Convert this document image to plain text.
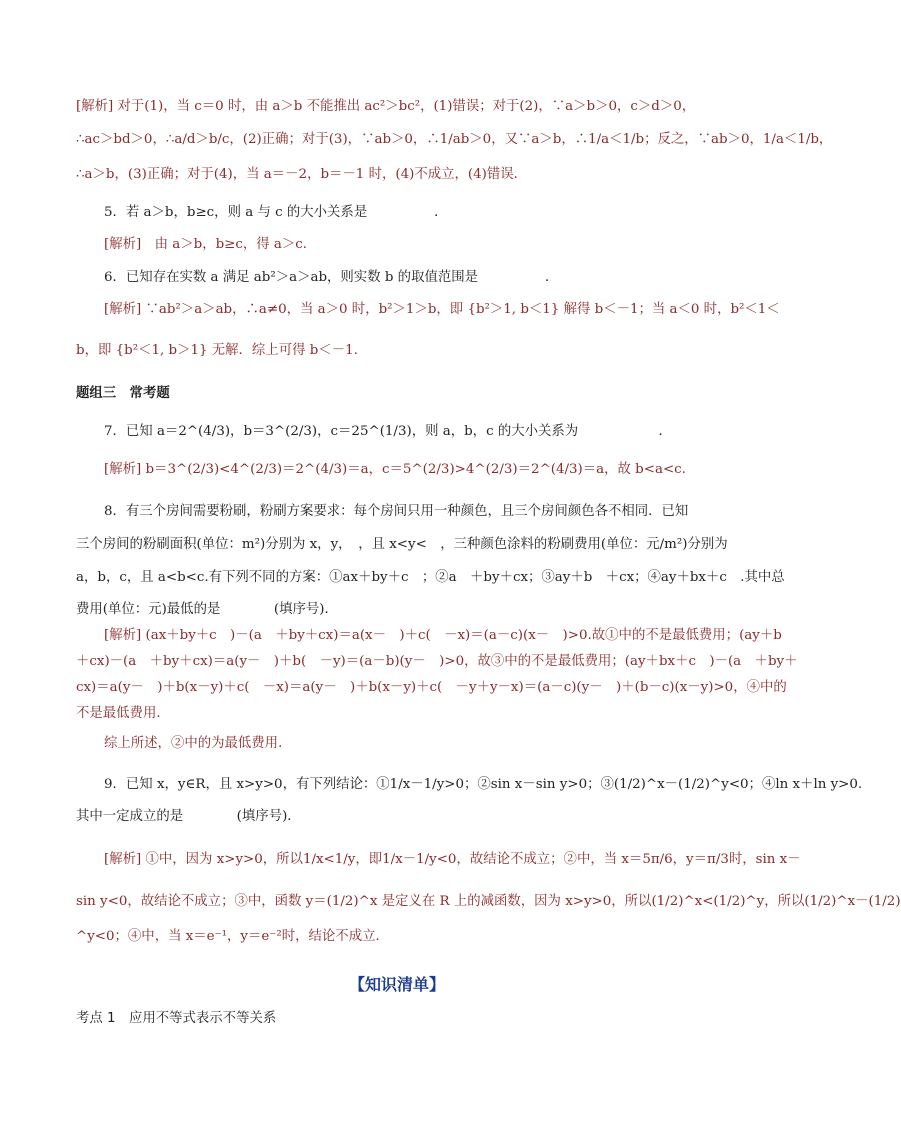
[解析] 对于(1)，当 c＝0 时，由 a＞b 不能推出 ac²＞bc²，(1)错误；对于(2)，∵a＞b＞0，c＞d＞0，
∴ac＞bd＞0，∴a/d＞b/c，(2)正确；对于(3)，∵ab＞0，∴1/ab＞0，又∵a＞b，∴1/a＜1/b；反之，∵ab＞0，1/a＜1/b，
∴a＞b，(3)正确；对于(4)，当 a＝－2，b＝－1 时，(4)不成立，(4)错误．
5．若 a＞b，b≥c，则 a 与 c 的大小关系是　　　　　．
[解析]　由 a＞b，b≥c，得 a＞c．
6．已知存在实数 a 满足 ab²＞a＞ab，则实数 b 的取值范围是　　　　　．
[解析] ∵ab²＞a＞ab，∴a≠0，当 a＞0 时，b²＞1＞b，即 {b²＞1, b＜1} 解得 b＜－1；当 a＜0 时，b²＜1＜
b，即 {b²＜1, b＞1} 无解．综上可得 b＜－1.
题组三　常考题
7．已知 a＝2^(4/3)，b＝3^(2/3)，c＝25^(1/3)，则 a，b，c 的大小关系为　　　　　　．
[解析] b＝3^(2/3)<4^(2/3)＝2^(4/3)＝a，c＝5^(2/3)>4^(2/3)＝2^(4/3)＝a，故 b<a<c.
8．有三个房间需要粉刷，粉刷方案要求：每个房间只用一种颜色，且三个房间颜色各不相同．已知
三个房间的粉刷面积(单位：m²)分别为 x，y，　，且 x<y<　，三种颜色涂料的粉刷费用(单位：元/m²)分别为
a，b，c，且 a<b<c.有下列不同的方案：①ax＋by＋c　；②a　＋by＋cx；③ay＋b　＋cx；④ay＋bx＋c　.其中总
费用(单位：元)最低的是　　　　(填序号)．
[解析] (ax＋by＋c　)－(a　＋by＋cx)＝a(x－　)＋c(　－x)＝(a－c)(x－　)>0.故①中的不是最低费用；(ay＋b
＋cx)－(a　＋by＋cx)＝a(y－　)＋b(　－y)＝(a－b)(y－　)>0，故③中的不是最低费用；(ay＋bx＋c　)－(a　＋by＋
cx)＝a(y－　)＋b(x－y)＋c(　－x)＝a(y－　)＋b(x－y)＋c(　－y＋y－x)＝(a－c)(y－　)＋(b－c)(x－y)>0，④中的
不是最低费用．
综上所述，②中的为最低费用．
9．已知 x，y∈R，且 x>y>0，有下列结论：①1/x－1/y>0；②sin x－sin y>0；③(1/2)^x－(1/2)^y<0；④ln x＋ln y>0.
其中一定成立的是　　　　(填序号)．
[解析] ①中，因为 x>y>0，所以1/x<1/y，即1/x－1/y<0，故结论不成立；②中，当 x＝5π/6，y＝π/3时，sin x－
sin y<0，故结论不成立；③中，函数 y＝(1/2)^x 是定义在 R 上的减函数，因为 x>y>0，所以(1/2)^x<(1/2)^y，所以(1/2)^x－(1/2)
^y<0；④中，当 x＝e⁻¹，y＝e⁻²时，结论不成立．
【知识清单】
考点 1　应用不等式表示不等关系
